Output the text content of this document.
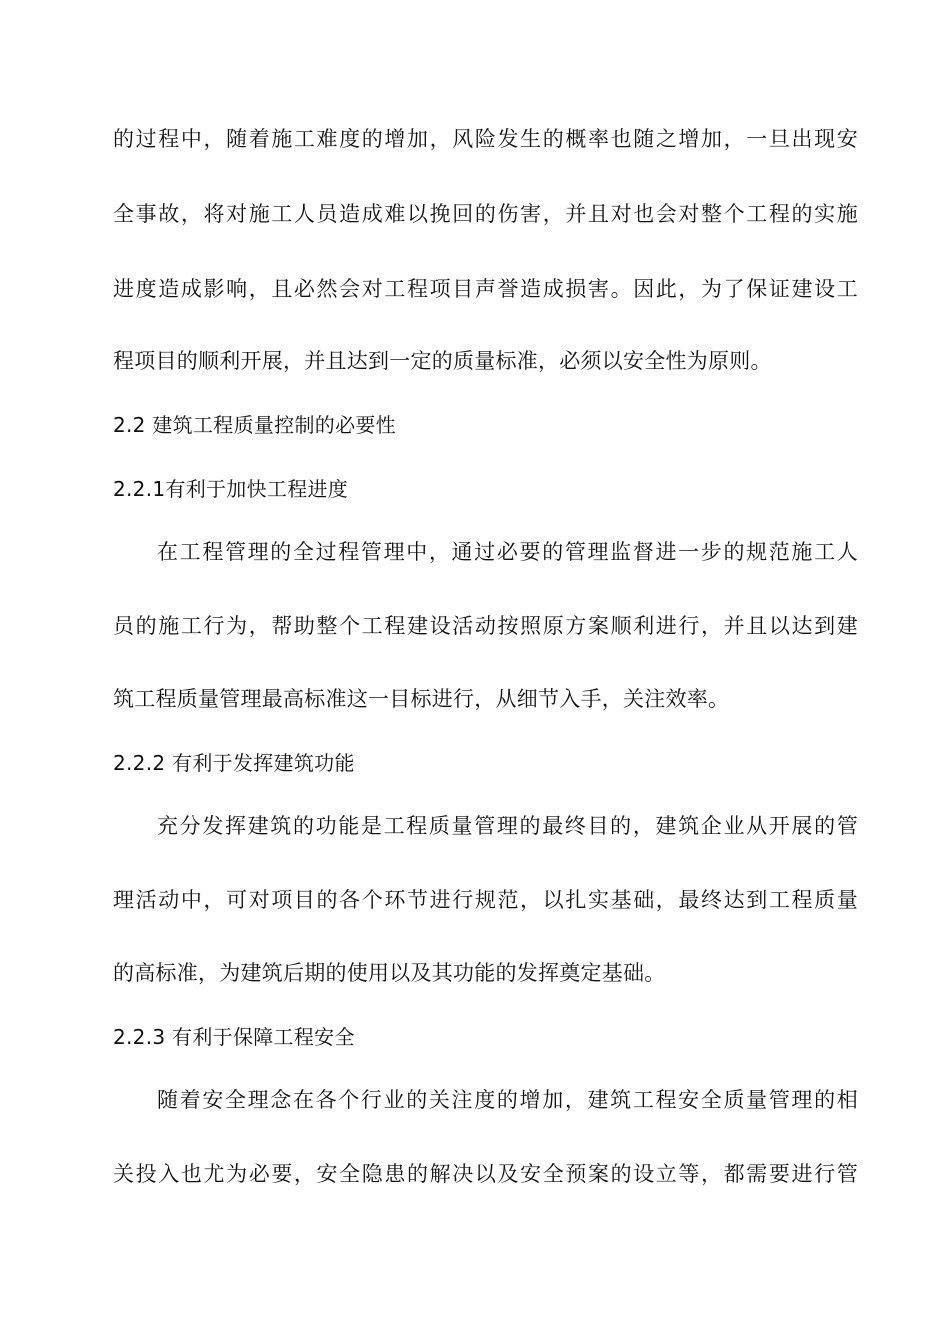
的过程中，随着施工难度的增加，风险发生的概率也随之增加，一旦出现安

全事故，将对施工人员造成难以挽回的伤害，并且对也会对整个工程的实施

进度造成影响，且必然会对工程项目声誉造成损害。因此，为了保证建设工

程项目的顺利开展，并且达到一定的质量标准，必须以安全性为原则。

2.2 建筑工程质量控制的必要性
2.2.1有利于加快工程进度

在工程管理的全过程管理中，通过必要的管理监督进一步的规范施工人

员的施工行为，帮助整个工程建设活动按照原方案顺利进行，并且以达到建

筑工程质量管理最高标准这一目标进行，从细节入手，关注效率。

2.2.2 有利于发挥建筑功能

充分发挥建筑的功能是工程质量管理的最终目的，建筑企业从开展的管

理活动中，可对项目的各个环节进行规范，以扎实基础，最终达到工程质量

的高标准，为建筑后期的使用以及其功能的发挥奠定基础。

2.2.3 有利于保障工程安全

随着安全理念在各个行业的关注度的增加，建筑工程安全质量管理的相

关投入也尤为必要，安全隐患的解决以及安全预案的设立等，都需要进行管
